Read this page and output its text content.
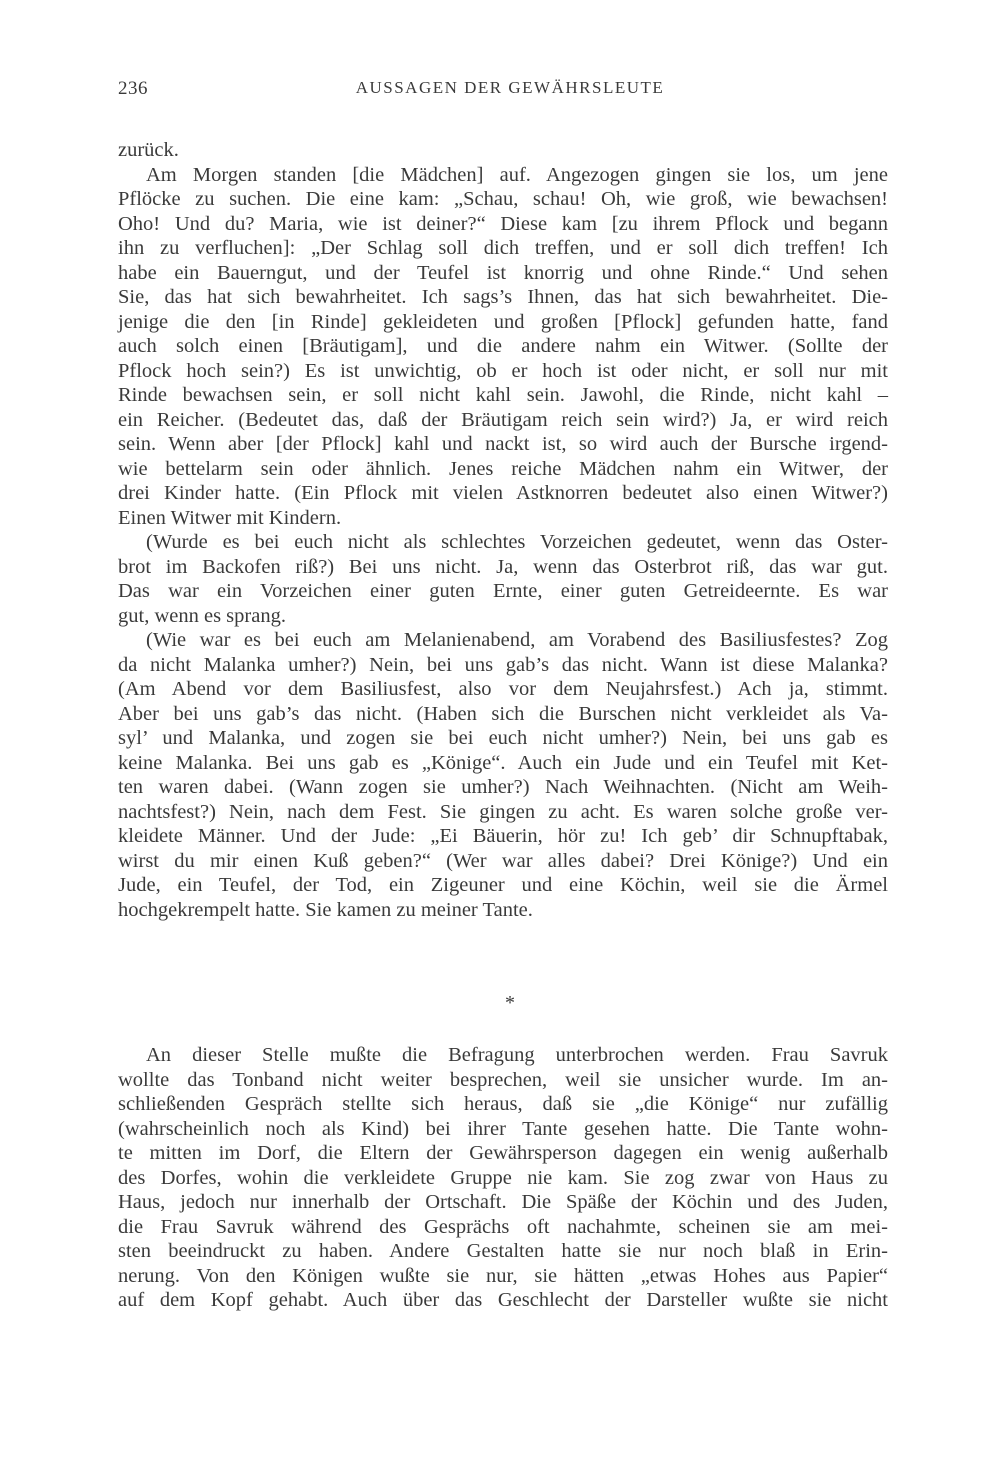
236	AUSSAGEN DER GEWÄHRSLEUTE
zurück.
Am Morgen standen [die Mädchen] auf. Angezogen gingen sie los, um jene
Pflöcke zu suchen. Die eine kam: „Schau, schau! Oh, wie groß, wie bewachsen!
Oho! Und du? Maria, wie ist deiner?“ Diese kam [zu ihrem Pflock und begann
ihn zu verfluchen]: „Der Schlag soll dich treffen, und er soll dich treffen! Ich
habe ein Bauerngut, und der Teufel ist knorrig und ohne Rinde.“ Und sehen
Sie, das hat sich bewahrheitet. Ich sags’s Ihnen, das hat sich bewahrheitet. Die-
jenige die den [in Rinde] gekleideten und großen [Pflock] gefunden hatte, fand
auch solch einen [Bräutigam], und die andere nahm ein Witwer. (Sollte der
Pflock hoch sein?) Es ist unwichtig, ob er hoch ist oder nicht, er soll nur mit
Rinde bewachsen sein, er soll nicht kahl sein. Jawohl, die Rinde, nicht kahl –
ein Reicher. (Bedeutet das, daß der Bräutigam reich sein wird?) Ja, er wird reich
sein. Wenn aber [der Pflock] kahl und nackt ist, so wird auch der Bursche irgend-
wie bettelarm sein oder ähnlich. Jenes reiche Mädchen nahm ein Witwer, der
drei Kinder hatte. (Ein Pflock mit vielen Astknorren bedeutet also einen Witwer?)
Einen Witwer mit Kindern.
(Wurde es bei euch nicht als schlechtes Vorzeichen gedeutet, wenn das Oster-
brot im Backofen riß?) Bei uns nicht. Ja, wenn das Osterbrot riß, das war gut.
Das war ein Vorzeichen einer guten Ernte, einer guten Getreideernte. Es war
gut, wenn es sprang.
(Wie war es bei euch am Melanienabend, am Vorabend des Basiliusfestes? Zog
da nicht Malanka umher?) Nein, bei uns gab’s das nicht. Wann ist diese Malanka?
(Am Abend vor dem Basiliusfest, also vor dem Neujahrsfest.) Ach ja, stimmt.
Aber bei uns gab’s das nicht. (Haben sich die Burschen nicht verkleidet als Va-
syl’ und Malanka, und zogen sie bei euch nicht umher?) Nein, bei uns gab es
keine Malanka. Bei uns gab es „Könige“. Auch ein Jude und ein Teufel mit Ket-
ten waren dabei. (Wann zogen sie umher?) Nach Weihnachten. (Nicht am Weih-
nachtsfest?) Nein, nach dem Fest. Sie gingen zu acht. Es waren solche große ver-
kleidete Männer. Und der Jude: „Ei Bäuerin, hör zu! Ich geb’ dir Schnupftabak,
wirst du mir einen Kuß geben?“ (Wer war alles dabei? Drei Könige?) Und ein
Jude, ein Teufel, der Tod, ein Zigeuner und eine Köchin, weil sie die Ärmel
hochgekrempelt hatte. Sie kamen zu meiner Tante.
*
An dieser Stelle mußte die Befragung unterbrochen werden. Frau Savruk
wollte das Tonband nicht weiter besprechen, weil sie unsicher wurde. Im an-
schließenden Gespräch stellte sich heraus, daß sie „die Könige“ nur zufällig
(wahrscheinlich noch als Kind) bei ihrer Tante gesehen hatte. Die Tante wohn-
te mitten im Dorf, die Eltern der Gewährsperson dagegen ein wenig außerhalb
des Dorfes, wohin die verkleidete Gruppe nie kam. Sie zog zwar von Haus zu
Haus, jedoch nur innerhalb der Ortschaft. Die Späße der Köchin und des Juden,
die Frau Savruk während des Gesprächs oft nachahmte, scheinen sie am mei-
sten beeindruckt zu haben. Andere Gestalten hatte sie nur noch blaß in Erin-
nerung. Von den Königen wußte sie nur, sie hätten „etwas Hohes aus Papier“
auf dem Kopf gehabt. Auch über das Geschlecht der Darsteller wußte sie nicht
